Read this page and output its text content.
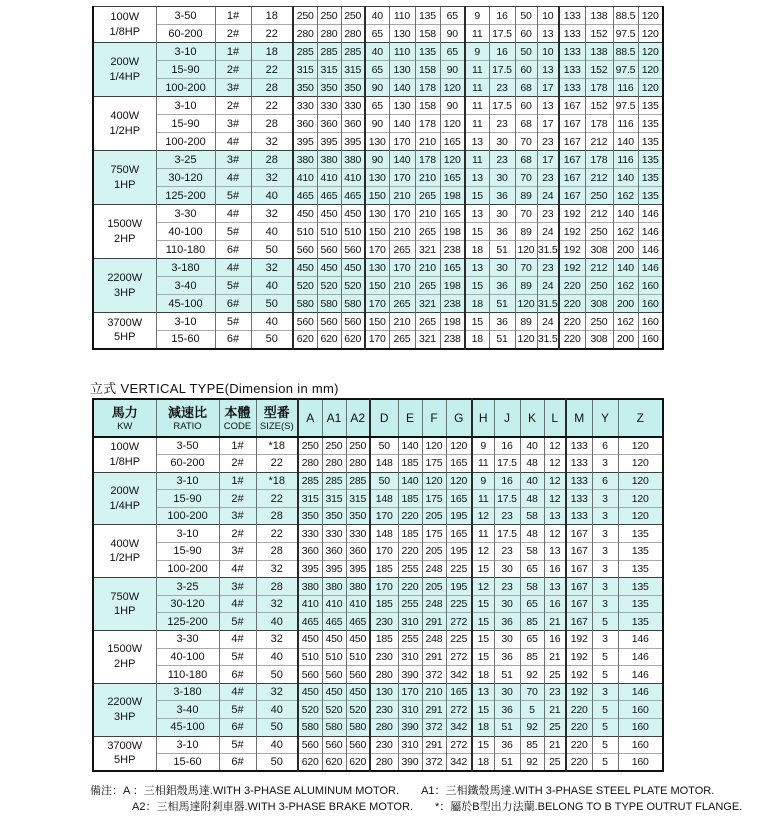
100W
1/8HP	3-50	1#	18	250	250	250	40	110	135	65	9	16	50	10	133	138	88.5	120
	60-200	2#	22	280	280	280	65	130	158	90	11	17.5	60	13	133	152	97.5	120

200W
1/4HP	3-10	1#	18	285	285	285	40	110	135	65	9	16	50	10	133	138	88.5	120
	15-90	2#	22	315	315	315	65	130	158	90	11	17.5	60	13	133	152	97.5	120
	100-200	3#	28	350	350	350	90	140	178	120	11	23	68	17	133	178	116	120

400W
1/2HP	3-10	2#	22	330	330	330	65	130	158	90	11	17.5	60	13	167	152	97.5	135
	15-90	3#	28	360	360	360	90	140	178	120	11	23	68	17	167	178	116	135
	100-200	4#	32	395	395	395	130	170	210	165	13	30	70	23	167	212	140	135

750W
1HP	3-25	3#	28	380	380	380	90	140	178	120	11	23	68	17	167	178	116	135
	30-120	4#	32	410	410	410	130	170	210	165	13	30	70	23	167	212	140	135
	125-200	5#	40	465	465	465	150	210	265	198	15	36	89	24	167	250	162	135

1500W
2HP	3-30	4#	32	450	450	450	130	170	210	165	13	30	70	23	192	212	140	146
	40-100	5#	40	510	510	510	150	210	265	198	15	36	89	24	192	250	162	146
	110-180	6#	50	560	560	560	170	265	321	238	18	51	120	31.5	192	308	200	146

2200W
3HP	3-180	4#	32	450	450	450	130	170	210	165	13	30	70	23	192	212	140	146
	3-40	5#	40	520	520	520	150	210	265	198	15	36	89	24	220	250	162	160
	45-100	6#	50	580	580	580	170	265	321	238	18	51	120	31.5	220	308	200	160

3700W
5HP	3-10	5#	40	560	560	560	150	210	265	198	15	36	89	24	220	250	162	160
	15-60	6#	50	620	620	620	170	265	321	238	18	51	120	31.5	220	308	200	160
立式 VERTICAL TYPE(Dimension in mm)
馬力
KW

減速比
RATIO

本體
CODE

型番
SIZE(S)
	A	A1	A2	D	E	F	G	H	J	K	L	M	Y	Z

100W
1/8HP	3-50	1#	*18	250	250	250	50	140	120	120	9	16	40	12	133	6	120
	60-200	2#	22	280	280	280	148	185	175	165	11	17.5	48	12	133	3	120

200W
1/4HP	3-10	1#	*18	285	285	285	50	140	120	120	9	16	40	12	133	6	120
	15-90	2#	22	315	315	315	148	185	175	165	11	17.5	48	12	133	3	120
	100-200	3#	28	350	350	350	170	220	205	195	12	23	58	13	133	3	120

400W
1/2HP	3-10	2#	22	330	330	330	148	185	175	165	11	17.5	48	12	167	3	135
	15-90	3#	28	360	360	360	170	220	205	195	12	23	58	13	167	3	135
	100-200	4#	32	395	395	395	185	255	248	225	15	30	65	16	167	3	135

750W
1HP	3-25	3#	28	380	380	380	170	220	205	195	12	23	58	13	167	3	135
	30-120	4#	32	410	410	410	185	255	248	225	15	30	65	16	167	3	135
	125-200	5#	40	465	465	465	230	310	291	272	15	36	85	21	167	5	135

1500W
2HP	3-30	4#	32	450	450	450	185	255	248	225	15	30	65	16	192	3	146
	40-100	5#	40	510	510	510	230	310	291	272	15	36	85	21	192	5	146
	110-180	6#	50	560	560	560	280	390	372	342	18	51	92	25	192	5	146

2200W
3HP	3-180	4#	32	450	450	450	130	170	210	165	13	30	70	23	192	3	146
	3-40	5#	40	520	520	520	230	310	291	272	15	36	5	21	220	5	160
	45-100	6#	50	580	580	580	280	390	372	342	18	51	92	25	220	5	160

3700W
5HP	3-10	5#	40	560	560	560	230	310	291	272	15	36	85	21	220	5	160
	15-60	6#	50	620	620	620	280	390	372	342	18	51	92	25	220	5	160
備注：A ：三相鋁殼馬達.WITH 3-PHASE ALUMINUM MOTOR. A1：三相鐵殼馬達.WITH 3-PHASE STEEL PLATE MOTOR.
A2：三相馬達附剎車器.WITH 3-PHASE BRAKE MOTOR. *：屬於B型出力法蘭.BELONG TO B TYPE OUTRUT FLANGE.
